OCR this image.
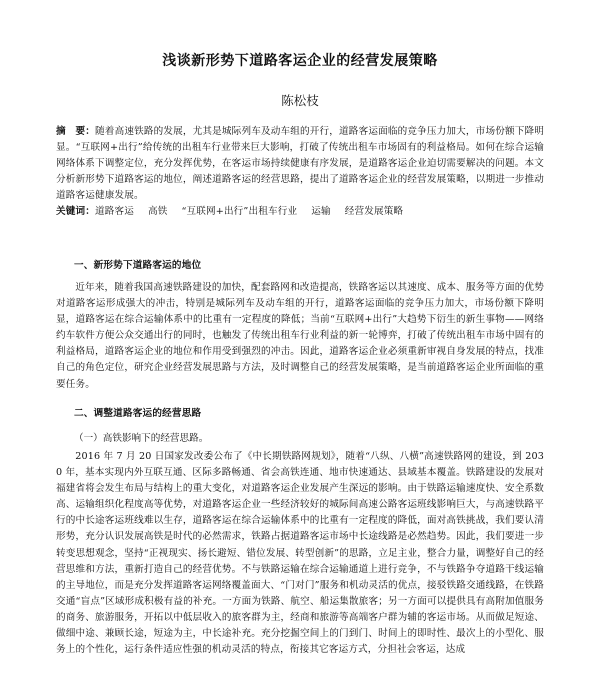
浅谈新形势下道路客运企业的经营发展策略
陈松枝

摘　要：随着高速铁路的发展，尤其是城际列车及动车组的开行，道路客运面临的竞争压力加大，市场份额下降明显。“互联网+出行”给传统的出租车行业带来巨大影响，打破了传统出租车市场固有的利益格局。如何在综合运输网络体系下调整定位，充分发挥优势，在客运市场持续健康有序发展，是道路客运企业迫切需要解决的问题。本文分析新形势下道路客运的地位，阐述道路客运的经营思路，提出了道路客运企业的经营发展策略，以期进一步推动道路客运健康发展。

关键词：道路客运 高铁 “互联网+出行”出租车行业 运输 经营发展策略

一、新形势下道路客运的地位

近年来，随着我国高速铁路建设的加快，配套路网和改造提高，铁路客运以其速度、成本、服务等方面的优势对道路客运形成强大的冲击，特别是城际列车及动车组的开行，道路客运面临的竞争压力加大，市场份额下降明显，道路客运在综合运输体系中的比重有一定程度的降低；当前“互联网+出行”大趋势下衍生的新生事物——网络约车软件方便公众交通出行的同时，也触发了传统出租车行业利益的新一轮博弈，打破了传统出租车市场中固有的利益格局，道路客运企业的地位和作用受到强烈的冲击。因此，道路客运企业必须重新审视自身发展的特点，找准自己的角色定位，研究企业经营发展思路与方法，及时调整自己的经营发展策略，是当前道路客运企业所面临的重要任务。

二、调整道路客运的经营思路
（一）高铁影响下的经营思路。

2016 年 7 月 20 日国家发改委公布了《中长期铁路网规划》，随着“八纵、八横”高速铁路网的建设，到 2030 年，基本实现内外互联互通、区际多路畅通、省会高铁连通、地市快速通达、县域基本覆盖。铁路建设的发展对福建省将会发生布局与结构上的重大变化，对道路客运企业发展产生深远的影响。由于铁路运输速度快、安全系数高、运输组织化程度高等优势，对道路客运企业一些经济较好的城际间高速公路客运班线影响巨大，与高速铁路平行的中长途客运班线难以生存，道路客运在综合运输体系中的比重有一定程度的降低，面对高铁挑战，我们要认清形势，充分认识发展高铁是时代的必然需求，铁路占据道路客运市场中长途线路是必然趋势。因此，我们要进一步转变思想观念，坚持“正视现实、扬长避短、错位发展、转型创新”的思路，立足主业，整合力量，调整好自己的经营思维和方法，重新打造自己的经营优势。不与铁路运输在综合运输通道上进行竞争，不与铁路争夺道路干线运输的主导地位，而是充分发挥道路客运网络覆盖面大、“门对门”服务和机动灵活的优点，接驳铁路交通线路，在铁路交通“盲点”区域形成积极有益的补充。一方面为铁路、航空、船运集散旅客；另一方面可以提供具有高附加值服务的商务、旅游服务，开拓以中低层收入的旅客群为主，经商和旅游等高端客户群为辅的客运市场。从而做足短途、做细中途、兼顾长途，短途为主，中长途补充。充分挖掘空间上的门到门、时间上的即时性、最次上的小型化、服务上的个性化，运行条件适应性强的机动灵活的特点，衔接其它客运方式，分担社会客运，达成
